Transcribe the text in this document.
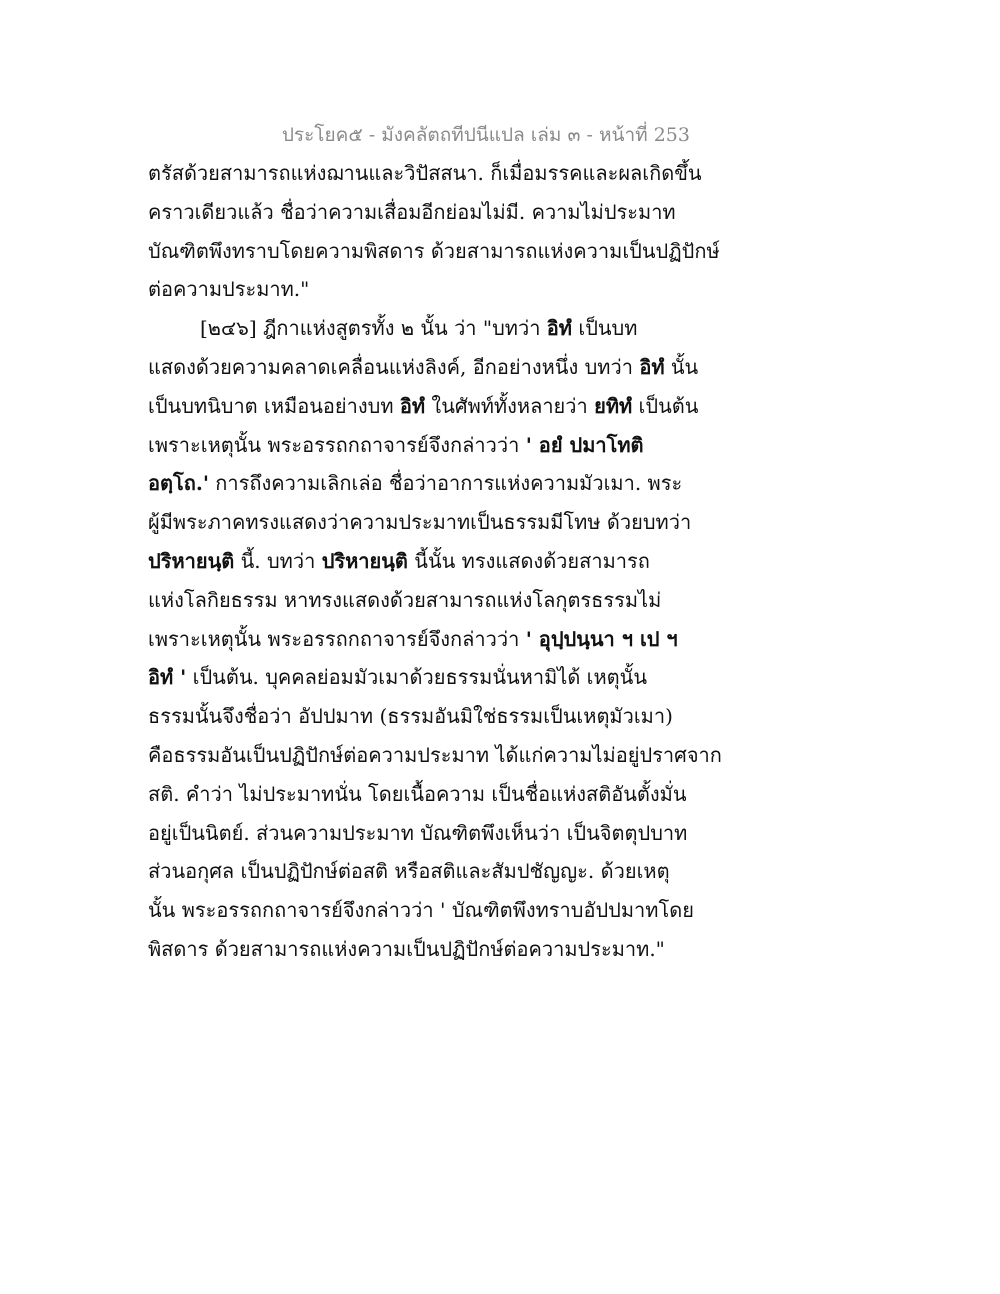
ประโยค๕ - มังคลัตถทีปนีแปล เล่ม ๓ - หน้าที่ 253
ตรัสด้วยสามารถแห่งฌานและวิปัสสนา. ก็เมื่อมรรคและผลเกิดขึ้น
คราวเดียวแล้ว ชื่อว่าความเสื่อมอีกย่อมไม่มี. ความไม่ประมาท
บัณฑิตพึงทราบโดยความพิสดาร ด้วยสามารถแห่งความเป็นปฏิปักษ์
ต่อความประมาท."
[๒๔๖] ฎีกาแห่งสูตรทั้ง ๒ นั้น ว่า "บทว่า อิทํ เป็นบท
แสดงด้วยความคลาดเคลื่อนแห่งลิงค์, อีกอย่างหนึ่ง บทว่า อิทํ นั้น
เป็นบทนิบาต เหมือนอย่างบท อิทํ ในศัพท์ทั้งหลายว่า ยทิทํ เป็นต้น
เพราะเหตุนั้น พระอรรถกถาจารย์จึงกล่าวว่า ' อยํ ปมาโทติ
อตฺโถ.' การถึงความเลิกเล่อ ชื่อว่าอาการแห่งความมัวเมา. พระ
ผู้มีพระภาคทรงแสดงว่าความประมาทเป็นธรรมมีโทษ ด้วยบทว่า
ปริหายนฺติ นี้. บทว่า ปริหายนฺติ นี้นั้น ทรงแสดงด้วยสามารถ
แห่งโลกิยธรรม หาทรงแสดงด้วยสามารถแห่งโลกุตรธรรมไม่
เพราะเหตุนั้น พระอรรถกถาจารย์จึงกล่าวว่า ' อุปฺปนฺนา ฯ เป ฯ
อิทํ ' เป็นต้น. บุคคลย่อมมัวเมาด้วยธรรมนั่นหามิได้ เหตุนั้น
ธรรมนั้นจึงชื่อว่า อัปปมาท (ธรรมอันมิใช่ธรรมเป็นเหตุมัวเมา)
คือธรรมอันเป็นปฏิปักษ์ต่อความประมาท ได้แก่ความไม่อยู่ปราศจาก
สติ. คำว่า ไม่ประมาทนั่น โดยเนื้อความ เป็นชื่อแห่งสติอันตั้งมั่น
อยู่เป็นนิตย์. ส่วนความประมาท บัณฑิตพึงเห็นว่า เป็นจิตตุปบาท
ส่วนอกุศล เป็นปฏิปักษ์ต่อสติ หรือสติและสัมปชัญญะ. ด้วยเหตุ
นั้น พระอรรถกถาจารย์จึงกล่าวว่า ' บัณฑิตพึงทราบอัปปมาทโดย
พิสดาร ด้วยสามารถแห่งความเป็นปฏิปักษ์ต่อความประมาท."
